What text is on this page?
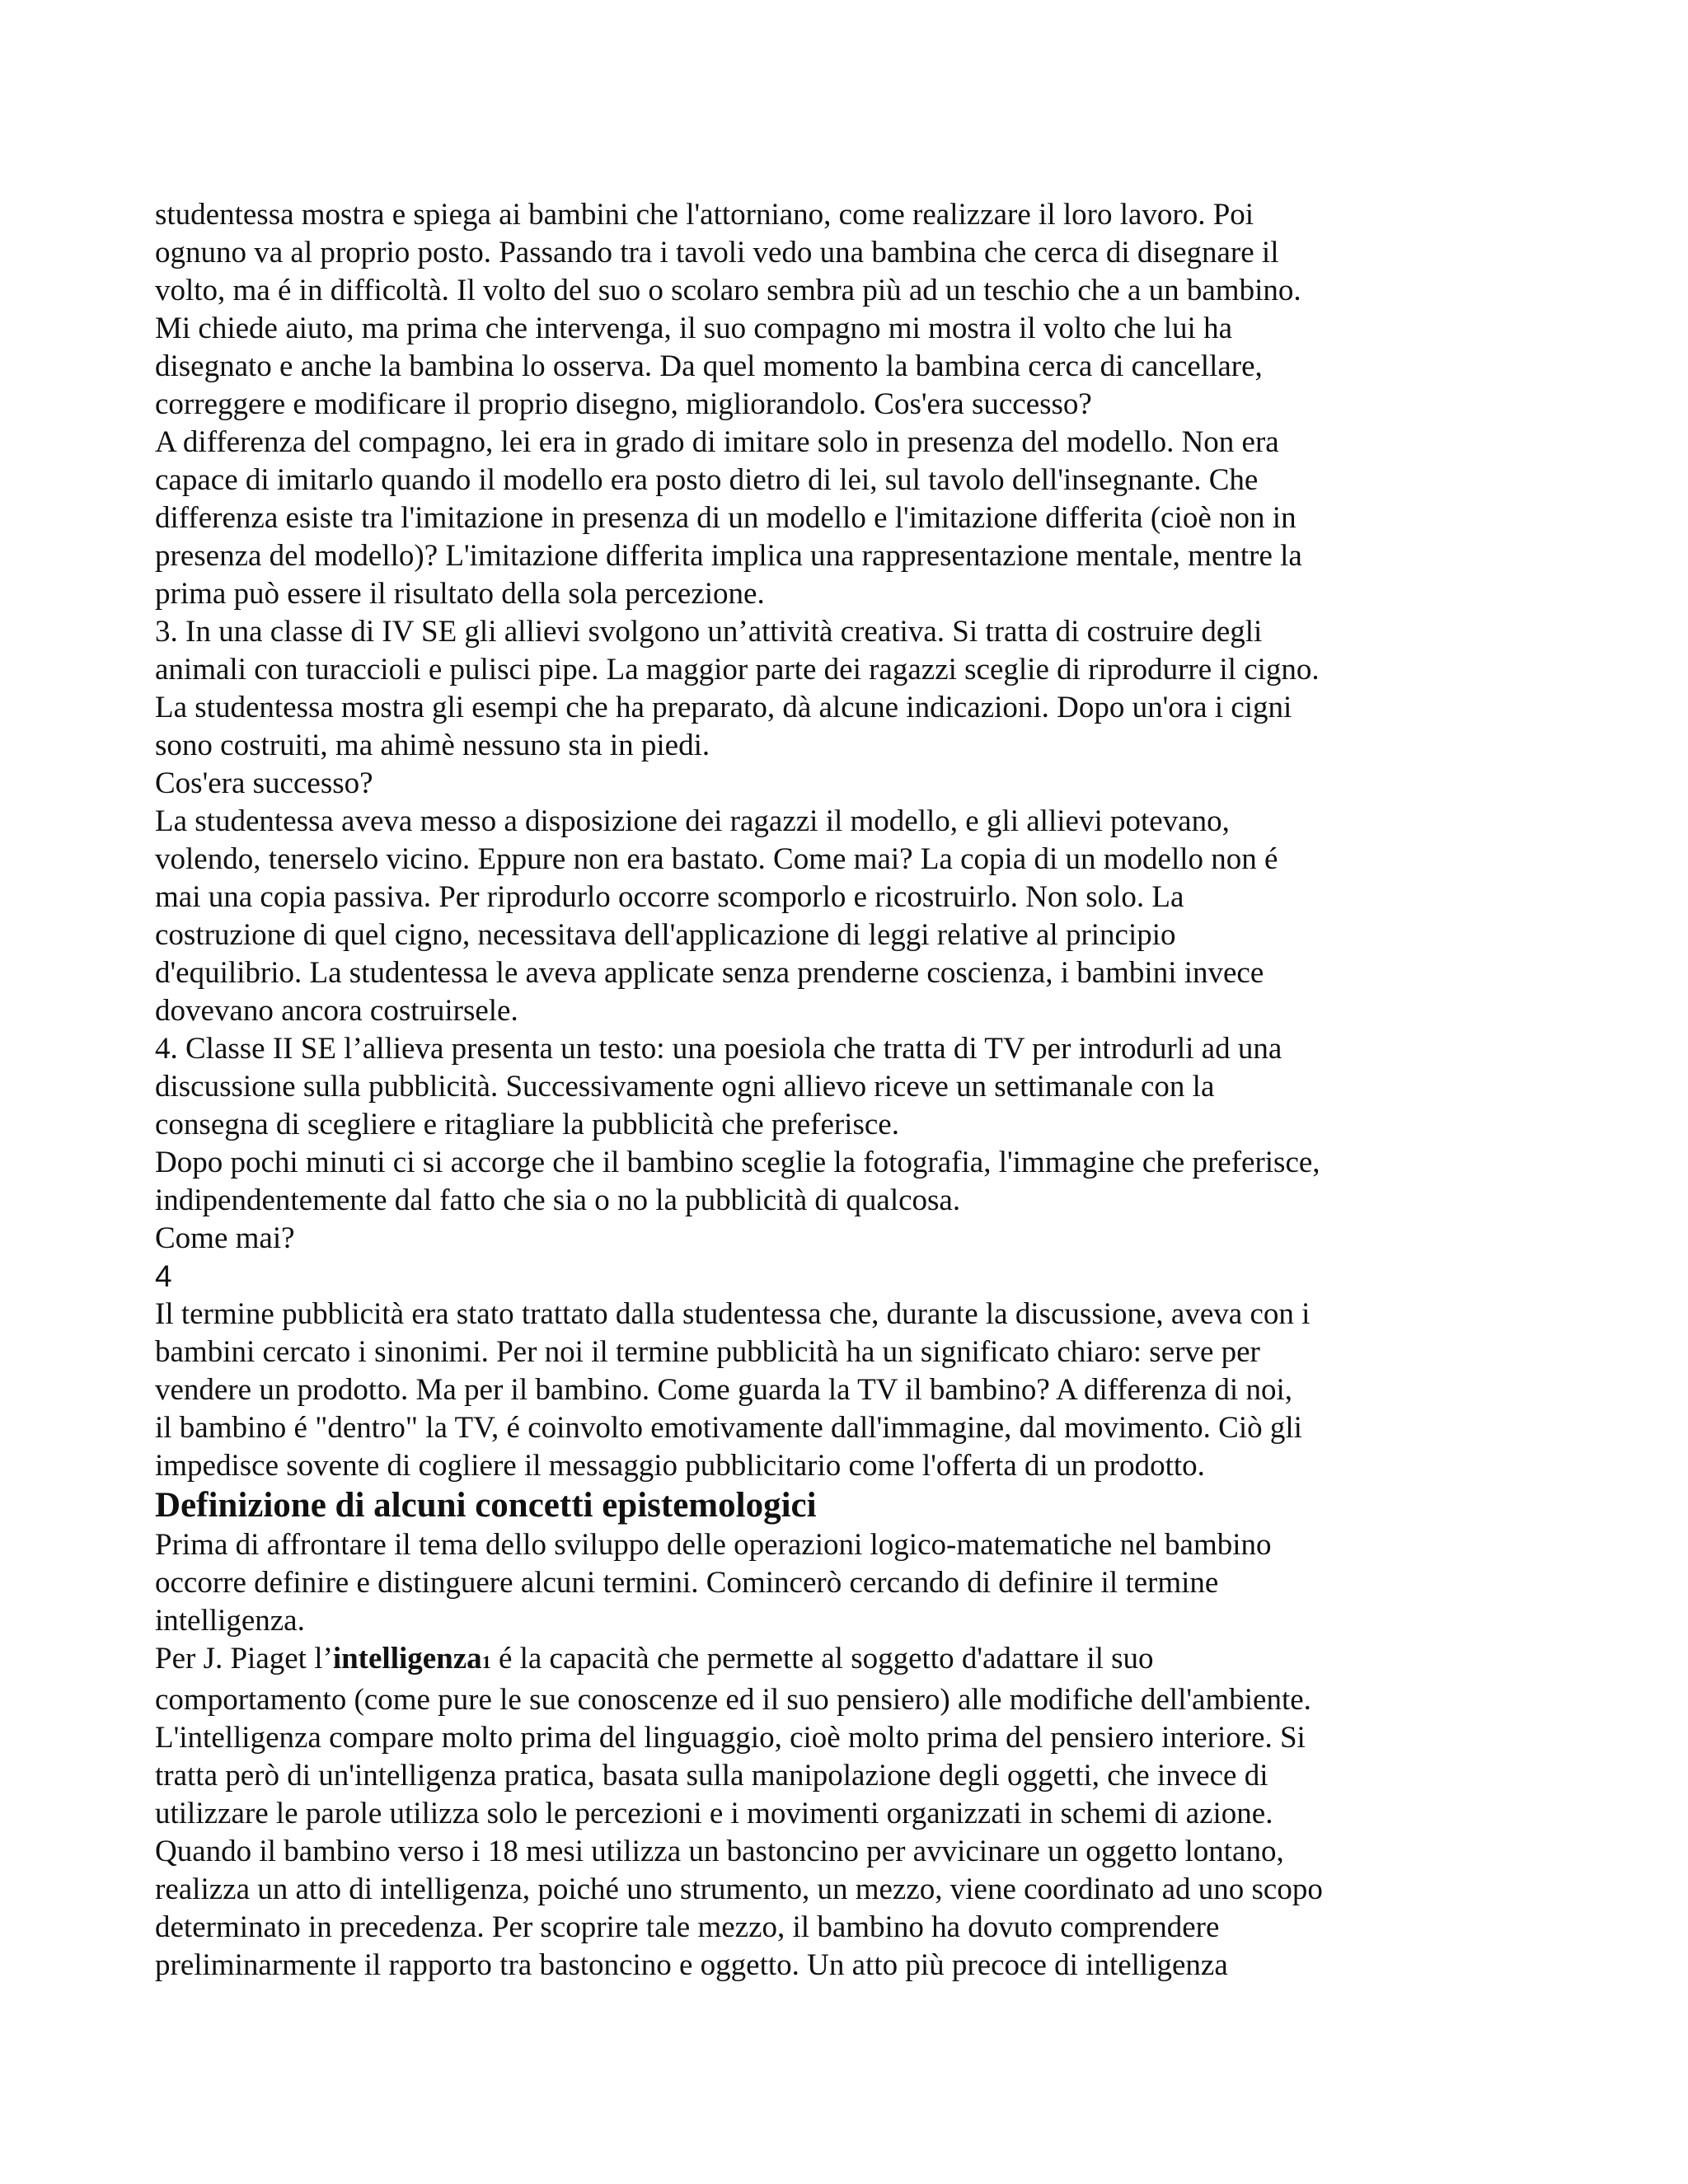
studentessa mostra e spiega ai bambini che l'attorniano, come realizzare il loro lavoro. Poi
ognuno va al proprio posto. Passando tra i tavoli vedo una bambina che cerca di disegnare il
volto, ma é in difficoltà. Il volto del suo o scolaro sembra più ad un teschio che a un bambino.
Mi chiede aiuto, ma prima che intervenga, il suo compagno mi mostra il volto che lui ha
disegnato e anche la bambina lo osserva. Da quel momento la bambina cerca di cancellare,
correggere e modificare il proprio disegno, migliorandolo. Cos'era successo?
A differenza del compagno, lei era in grado di imitare solo in presenza del modello. Non era
capace di imitarlo quando il modello era posto dietro di lei, sul tavolo dell'insegnante. Che
differenza esiste tra l'imitazione in presenza di un modello e l'imitazione differita (cioè non in
presenza del modello)? L'imitazione differita implica una rappresentazione mentale, mentre la
prima può essere il risultato della sola percezione.
3. In una classe di IV SE gli allievi svolgono un’attività creativa. Si tratta di costruire degli
animali con turaccioli e pulisci pipe. La maggior parte dei ragazzi sceglie di riprodurre il cigno.
La studentessa mostra gli esempi che ha preparato, dà alcune indicazioni. Dopo un'ora i cigni
sono costruiti, ma ahimè nessuno sta in piedi.
Cos'era successo?
La studentessa aveva messo a disposizione dei ragazzi il modello, e gli allievi potevano,
volendo, tenerselo vicino. Eppure non era bastato. Come mai? La copia di un modello non é
mai una copia passiva. Per riprodurlo occorre scomporlo e ricostruirlo. Non solo. La
costruzione di quel cigno, necessitava dell'applicazione di leggi relative al principio
d'equilibrio. La studentessa le aveva applicate senza prenderne coscienza, i bambini invece
dovevano ancora costruirsele.
4. Classe II SE l’allieva presenta un testo: una poesiola che tratta di TV per introdurli ad una
discussione sulla pubblicità. Successivamente ogni allievo riceve un settimanale con la
consegna di scegliere e ritagliare la pubblicità che preferisce.
Dopo pochi minuti ci si accorge che il bambino sceglie la fotografia, l'immagine che preferisce,
indipendentemente dal fatto che sia o no la pubblicità di qualcosa.
Come mai?
4
Il termine pubblicità era stato trattato dalla studentessa che, durante la discussione, aveva con i
bambini cercato i sinonimi. Per noi il termine pubblicità ha un significato chiaro: serve per
vendere un prodotto. Ma per il bambino. Come guarda la TV il bambino? A differenza di noi,
il bambino é "dentro" la TV, é coinvolto emotivamente dall'immagine, dal movimento. Ciò gli
impedisce sovente di cogliere il messaggio pubblicitario come l'offerta di un prodotto.
Definizione di alcuni concetti epistemologici
Prima di affrontare il tema dello sviluppo delle operazioni logico-matematiche nel bambino
occorre definire e distinguere alcuni termini. Comincerò cercando di definire il termine
intelligenza.
Per J. Piaget l’intelligenza1 é la capacità che permette al soggetto d'adattare il suo
comportamento (come pure le sue conoscenze ed il suo pensiero) alle modifiche dell'ambiente.
L'intelligenza compare molto prima del linguaggio, cioè molto prima del pensiero interiore. Si
tratta però di un'intelligenza pratica, basata sulla manipolazione degli oggetti, che invece di
utilizzare le parole utilizza solo le percezioni e i movimenti organizzati in schemi di azione.
Quando il bambino verso i 18 mesi utilizza un bastoncino per avvicinare un oggetto lontano,
realizza un atto di intelligenza, poiché uno strumento, un mezzo, viene coordinato ad uno scopo
determinato in precedenza. Per scoprire tale mezzo, il bambino ha dovuto comprendere
preliminarmente il rapporto tra bastoncino e oggetto. Un atto più precoce di intelligenza
